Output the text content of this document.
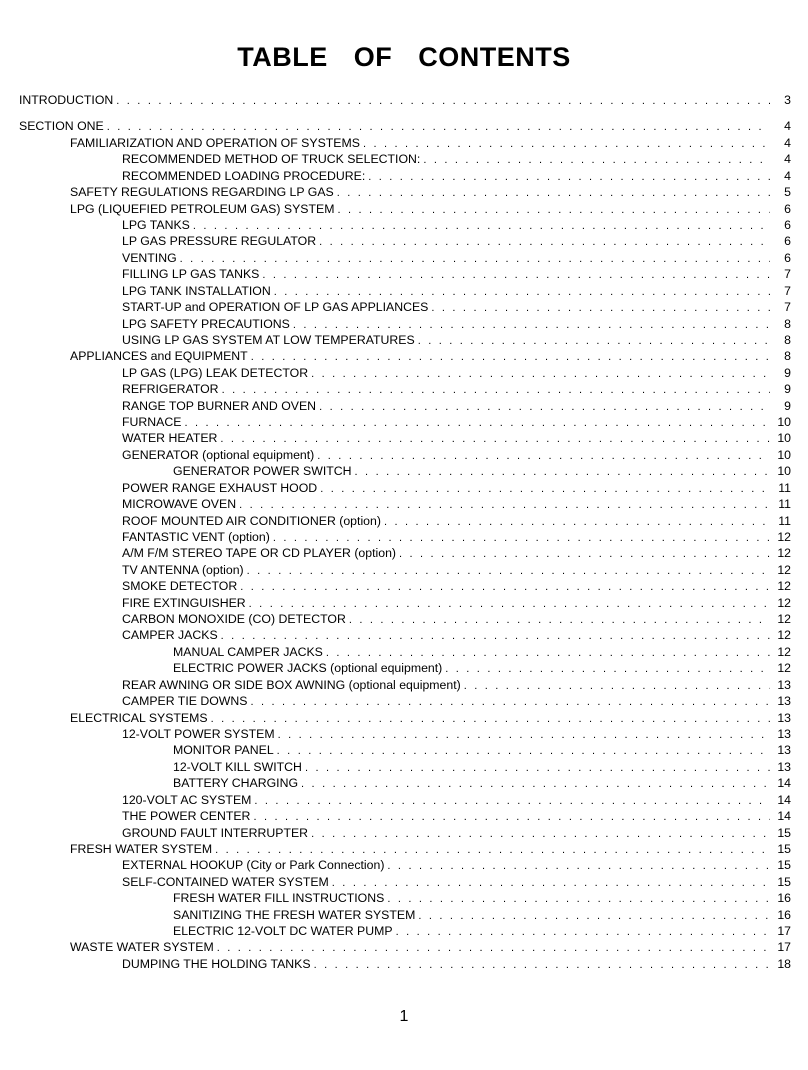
TABLE OF CONTENTS
INTRODUCTION . . .	3
SECTION ONE . . .	4
FAMILIARIZATION AND OPERATION OF SYSTEMS . . .	4
RECOMMENDED METHOD OF TRUCK SELECTION: . . .	4
RECOMMENDED LOADING PROCEDURE: . . .	4
SAFETY REGULATIONS REGARDING LP GAS . . .	5
LPG (LIQUEFIED PETROLEUM GAS) SYSTEM . . .	6
LPG TANKS . . .	6
LP GAS PRESSURE REGULATOR . . .	6
VENTING . . .	6
FILLING LP GAS TANKS . . .	7
LPG TANK INSTALLATION . . .	7
START-UP and OPERATION OF LP GAS APPLIANCES . . .	7
LPG SAFETY PRECAUTIONS . . .	8
USING LP GAS SYSTEM AT LOW TEMPERATURES . . .	8
APPLIANCES and EQUIPMENT . . .	8
LP GAS (LPG) LEAK DETECTOR . . .	9
REFRIGERATOR . . .	9
RANGE TOP BURNER AND OVEN . . .	9
FURNACE . . .	10
WATER HEATER . . .	10
GENERATOR (optional equipment) . . .	10
GENERATOR POWER SWITCH . . .	10
POWER RANGE EXHAUST HOOD . . .	11
MICROWAVE OVEN . . .	11
ROOF MOUNTED AIR CONDITIONER (option) . . .	11
FANTASTIC VENT (option) . . .	12
A/M F/M STEREO TAPE OR CD PLAYER (option) . . .	12
TV ANTENNA (option) . . .	12
SMOKE DETECTOR . . .	12
FIRE EXTINGUISHER . . .	12
CARBON MONOXIDE (CO) DETECTOR . . .	12
CAMPER JACKS . . .	12
MANUAL CAMPER JACKS . . .	12
ELECTRIC POWER JACKS (optional equipment) . . .	12
REAR AWNING OR SIDE BOX AWNING (optional equipment) . . .	13
CAMPER TIE DOWNS . . .	13
ELECTRICAL SYSTEMS . . .	13
12-VOLT POWER SYSTEM . . .	13
MONITOR PANEL . . .	13
12-VOLT KILL SWITCH . . .	13
BATTERY CHARGING . . .	14
120-VOLT AC SYSTEM . . .	14
THE POWER CENTER . . .	14
GROUND FAULT INTERRUPTER . . .	15
FRESH WATER SYSTEM . . .	15
EXTERNAL HOOKUP (City or Park Connection) . . .	15
SELF-CONTAINED WATER SYSTEM . . .	15
FRESH WATER FILL INSTRUCTIONS . . .	16
SANITIZING THE FRESH WATER SYSTEM . . .	16
ELECTRIC 12-VOLT DC WATER PUMP . . .	17
WASTE WATER SYSTEM . . .	17
DUMPING THE HOLDING TANKS . . .	18
1
